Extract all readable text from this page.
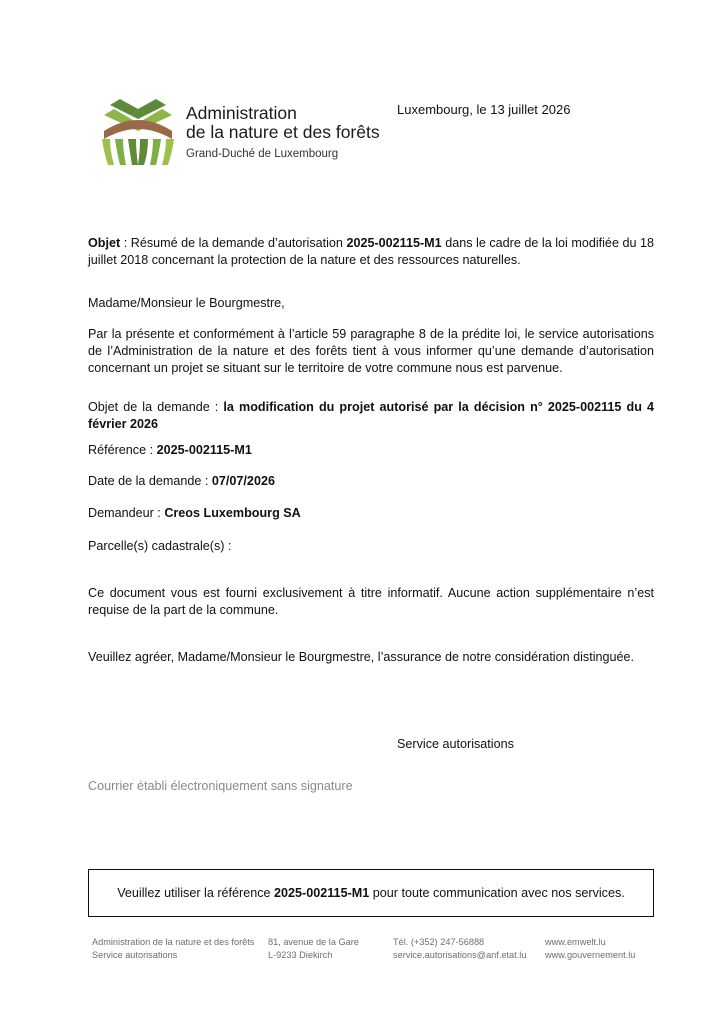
Administration
de la nature et des forêts
Grand-Duché de Luxembourg
Luxembourg, le 13 juillet 2026
Objet : Résumé de la demande d’autorisation 2025-002115-M1 dans le cadre de la loi modifiée du 18 juillet 2018 concernant la protection de la nature et des ressources naturelles.
Madame/Monsieur le Bourgmestre,
Par la présente et conformément à l’article 59 paragraphe 8 de la prédite loi, le service autorisations de l’Administration de la nature et des forêts tient à vous informer qu’une demande d’autorisation concernant un projet se situant sur le territoire de votre commune nous est parvenue.
Objet de la demande : la modification du projet autorisé par la décision n° 2025-002115 du 4 février 2026
Référence : 2025-002115-M1
Date de la demande : 07/07/2026
Demandeur : Creos Luxembourg SA
Parcelle(s) cadastrale(s) :
Ce document vous est fourni exclusivement à titre informatif. Aucune action supplémentaire n’est requise de la part de la commune.
Veuillez agréer, Madame/Monsieur le Bourgmestre, l’assurance de notre considération distinguée.
Service autorisations
Courrier établi électroniquement sans signature
Veuillez utiliser la référence 2025-002115-M1 pour toute communication avec nos services.
Administration de la nature et des forêts
Service autorisations
81, avenue de la Gare
L-9233 Diekirch
Tél. (+352) 247-56888
service.autorisations@anf.etat.lu
www.emwelt.lu
www.gouvernement.lu
